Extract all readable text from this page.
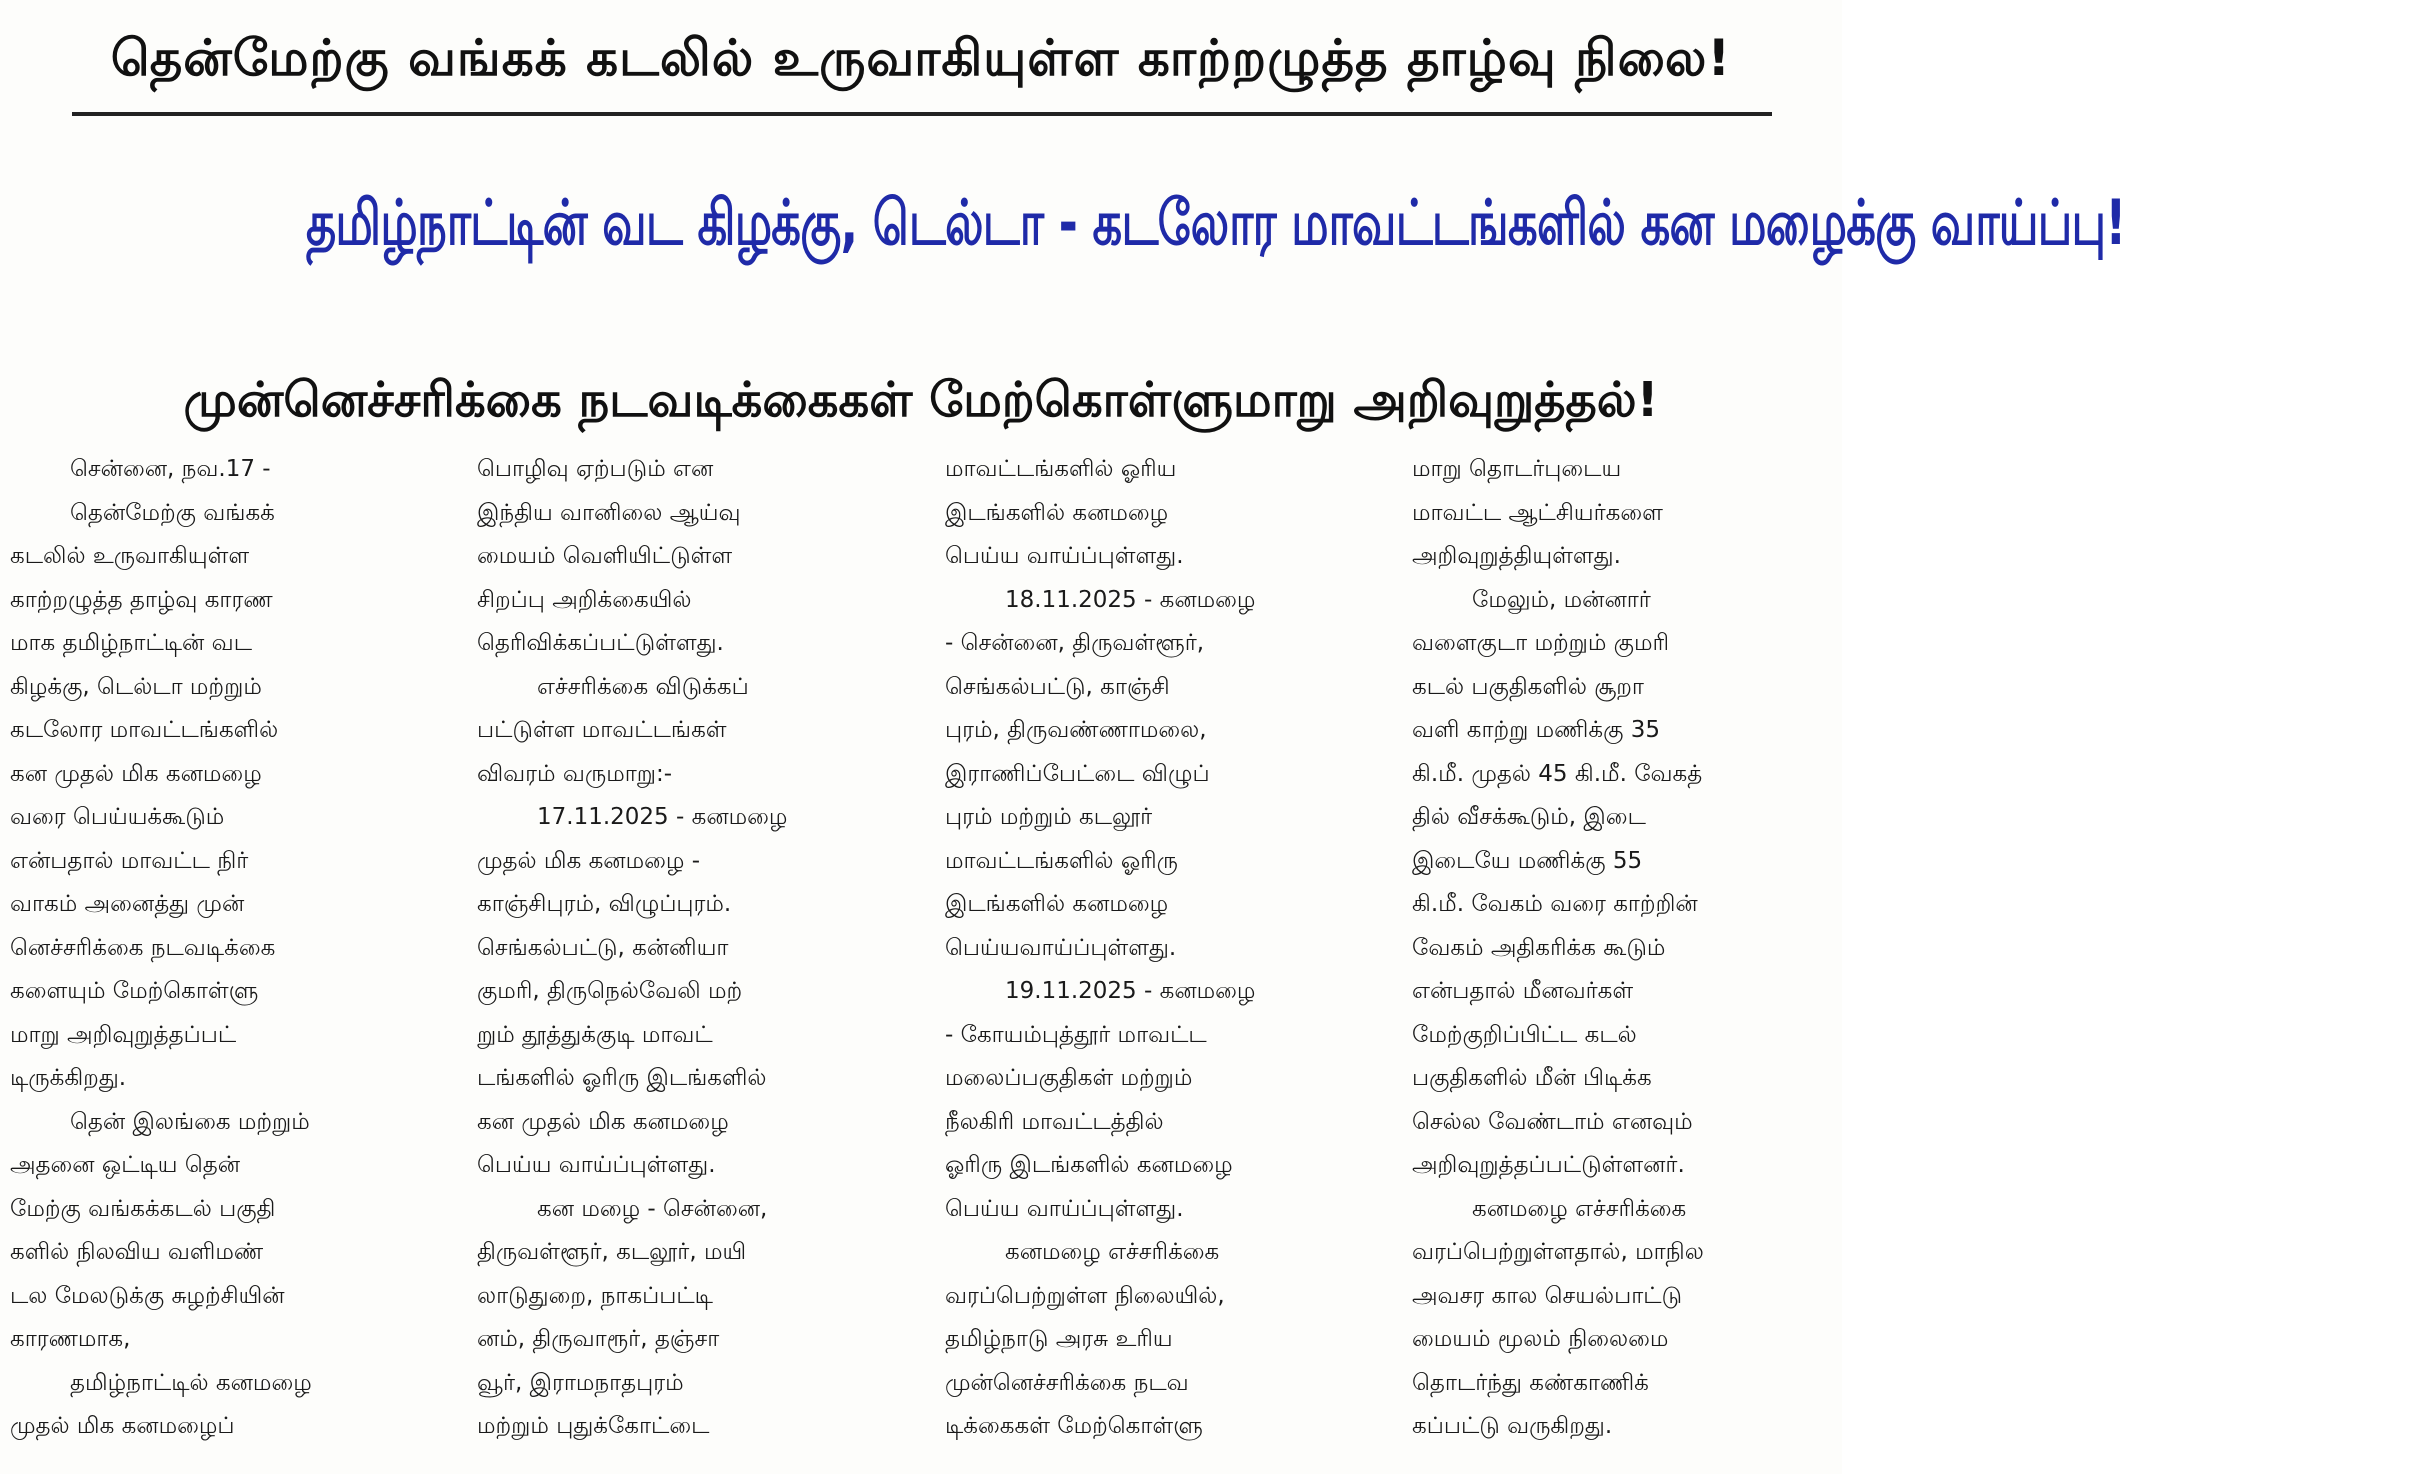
தென்மேற்கு வங்கக் கடலில் உருவாகியுள்ள காற்றழுத்த தாழ்வு நிலை!
தமிழ்நாட்டின் வட கிழக்கு, டெல்டா - கடலோர மாவட்டங்களில் கன மழைக்கு வாய்ப்பு!
முன்னெச்சரிக்கை நடவடிக்கைகள் மேற்கொள்ளுமாறு அறிவுறுத்தல்!
சென்னை, நவ.17 -
தென்மேற்கு வங்கக்
கடலில் உருவாகியுள்ள
காற்றழுத்த தாழ்வு காரண
மாக தமிழ்நாட்டின் வட
கிழக்கு, டெல்டா மற்றும்
கடலோர மாவட்டங்களில்
கன முதல் மிக கனமழை
வரை பெய்யக்கூடும்
என்பதால் மாவட்ட நிர்
வாகம் அனைத்து முன்
னெச்சரிக்கை நடவடிக்கை
களையும் மேற்கொள்ளு
மாறு அறிவுறுத்தப்பட்
டிருக்கிறது.
தென் இலங்கை மற்றும்
அதனை ஒட்டிய தென்
மேற்கு வங்கக்கடல் பகுதி
களில் நிலவிய வளிமண்
டல மேலடுக்கு சுழற்சியின்
காரணமாக,
தமிழ்நாட்டில் கனமழை
முதல் மிக கனமழைப்
பொழிவு ஏற்படும் என
இந்திய வானிலை ஆய்வு
மையம் வெளியிட்டுள்ள
சிறப்பு அறிக்கையில்
தெரிவிக்கப்பட்டுள்ளது.
எச்சரிக்கை விடுக்கப்
பட்டுள்ள மாவட்டங்கள்
விவரம் வருமாறு:-
17.11.2025 - கனமழை
முதல் மிக கனமழை -
காஞ்சிபுரம், விழுப்புரம்.
செங்கல்பட்டு, கன்னியா
குமரி, திருநெல்வேலி மற்
றும் தூத்துக்குடி மாவட்
டங்களில் ஓரிரு இடங்களில்
கன முதல் மிக கனமழை
பெய்ய வாய்ப்புள்ளது.
கன மழை - சென்னை,
திருவள்ளூர், கடலூர், மயி
லாடுதுறை, நாகப்பட்டி
னம், திருவாரூர், தஞ்சா
வூர், இராமநாதபுரம்
மற்றும் புதுக்கோட்டை
மாவட்டங்களில் ஓரிய
இடங்களில் கனமழை
பெய்ய வாய்ப்புள்ளது.
18.11.2025 - கனமழை
- சென்னை, திருவள்ளூர்,
செங்கல்பட்டு, காஞ்சி
புரம், திருவண்ணாமலை,
இராணிப்பேட்டை விழுப்
புரம் மற்றும் கடலூர்
மாவட்டங்களில் ஓரிரு
இடங்களில் கனமழை
பெய்யவாய்ப்புள்ளது.
19.11.2025 - கனமழை
- கோயம்புத்தூர் மாவட்ட
மலைப்பகுதிகள் மற்றும்
நீலகிரி மாவட்டத்தில்
ஓரிரு இடங்களில் கனமழை
பெய்ய வாய்ப்புள்ளது.
கனமழை எச்சரிக்கை
வரப்பெற்றுள்ள நிலையில்,
தமிழ்நாடு அரசு உரிய
முன்னெச்சரிக்கை நடவ
டிக்கைகள் மேற்கொள்ளு
மாறு தொடர்புடைய
மாவட்ட ஆட்சியர்களை
அறிவுறுத்தியுள்ளது.
மேலும், மன்னார்
வளைகுடா மற்றும் குமரி
கடல் பகுதிகளில் சூறா
வளி காற்று மணிக்கு 35
கி.மீ. முதல் 45 கி.மீ. வேகத்
தில் வீசக்கூடும், இடை
இடையே மணிக்கு 55
கி.மீ. வேகம் வரை காற்றின்
வேகம் அதிகரிக்க கூடும்
என்பதால் மீனவர்கள்
மேற்குறிப்பிட்ட கடல்
பகுதிகளில் மீன் பிடிக்க
செல்ல வேண்டாம் எனவும்
அறிவுறுத்தப்பட்டுள்ளனர்.
கனமழை எச்சரிக்கை
வரப்பெற்றுள்ளதால், மாநில
அவசர கால செயல்பாட்டு
மையம் மூலம் நிலைமை
தொடர்ந்து கண்காணிக்
கப்பட்டு வருகிறது.
